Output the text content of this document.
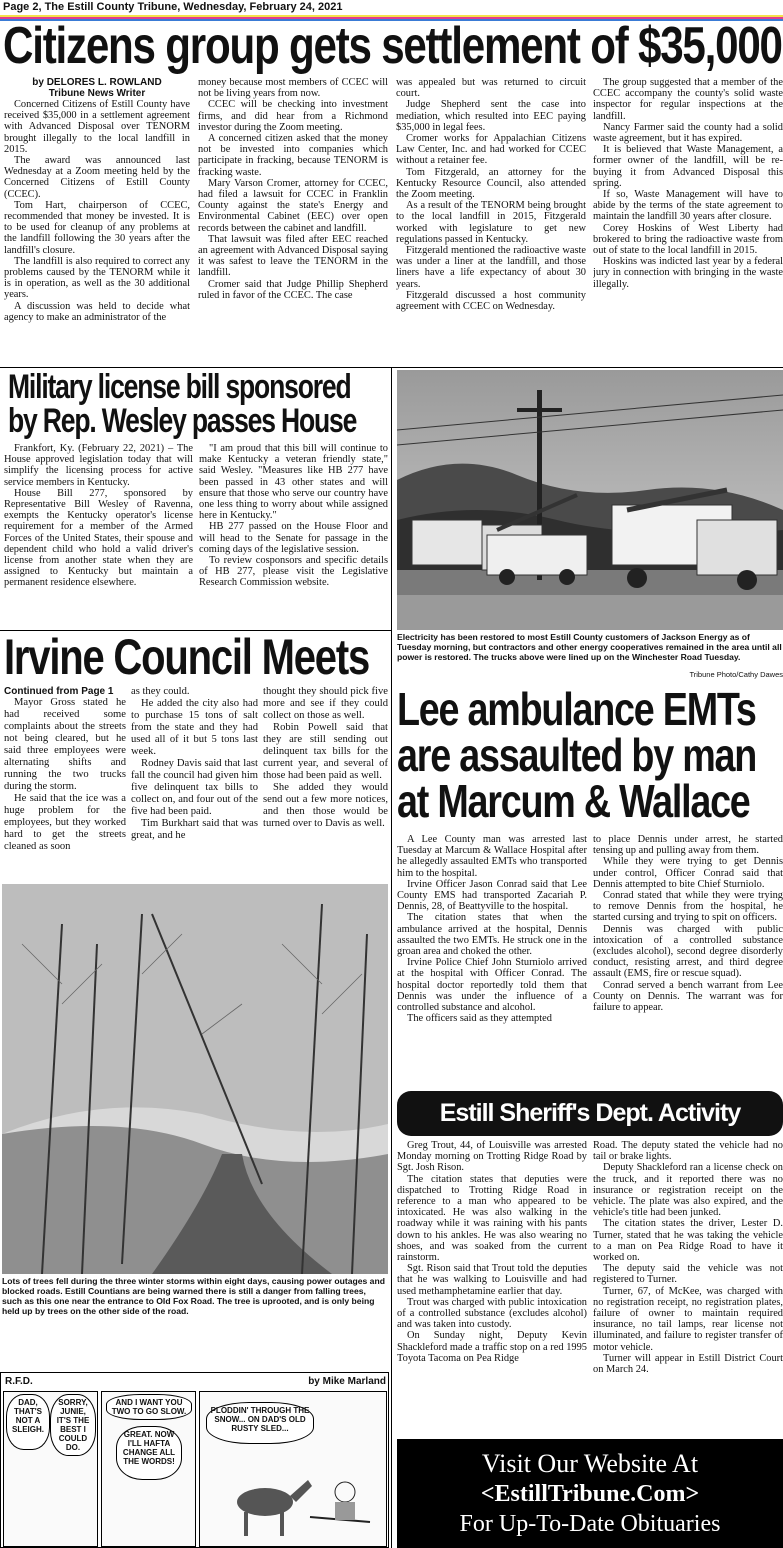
Page 2, The Estill County Tribune, Wednesday, February 24, 2021
Citizens group gets settlement of $35,000

by DELORES L. ROWLAND

Tribune News Writer

Concerned Citizens of Estill County have received $35,000 in a settlement agreement with Advanced Disposal over TENORM brought illegally to the local landfill in 2015.

The award was announced last Wednesday at a Zoom meeting held by the Concerned Citizens of Estill County (CCEC).

Tom Hart, chairperson of CCEC, recommended that money be invested. It is to be used for cleanup of any problems at the landfill following the 30 years after the landfill's closure.

The landfill is also required to correct any problems caused by the TENORM while it is in operation, as well as the 30 additional years.

A discussion was held to decide what agency to make an administrator of the

money because most members of CCEC will not be living years from now.

CCEC will be checking into investment firms, and did hear from a Richmond investor during the Zoom meeting.

A concerned citizen asked that the money not be invested into companies which participate in fracking, because TENORM is fracking waste.

Mary Varson Cromer, attorney for CCEC, had filed a lawsuit for CCEC in Franklin County against the state's Energy and Environmental Cabinet (EEC) over open records between the cabinet and landfill.

That lawsuit was filed after EEC reached an agreement with Advanced Disposal saying it was safest to leave the TENORM in the landfill.

Cromer said that Judge Phillip Shepherd ruled in favor of the CCEC. The case

was appealed but was returned to circuit court.

Judge Shepherd sent the case into mediation, which resulted into EEC paying $35,000 in legal fees.

Cromer works for Appalachian Citizens Law Center, Inc. and had worked for CCEC without a retainer fee.

Tom Fitzgerald, an attorney for the Kentucky Resource Council, also attended the Zoom meeting.

As a result of the TENORM being brought to the local landfill in 2015, Fitzgerald worked with legislature to get new regulations passed in Kentucky.

Fitzgerald mentioned the radioactive waste was under a liner at the landfill, and those liners have a life expectancy of about 30 years.

Fitzgerald discussed a host community agreement with CCEC on Wednesday.

The group suggested that a member of the CCEC accompany the county's solid waste inspector for regular inspections at the landfill.

Nancy Farmer said the county had a solid waste agreement, but it has expired.

It is believed that Waste Management, a former owner of the landfill, will be re-buying it from Advanced Disposal this spring.

If so, Waste Management will have to abide by the terms of the state agreement to maintain the landfill 30 years after closure.

Corey Hoskins of West Liberty had brokered to bring the radioactive waste from out of state to the local landfill in 2015.

Hoskins was indicted last year by a federal jury in connection with bringing in the waste illegally.

Military license bill sponsored
by Rep. Wesley passes House

Frankfort, Ky. (February 22, 2021) – The House approved legislation today that will simplify the licensing process for active service members in Kentucky.

House Bill 277, sponsored by Representative Bill Wesley of Ravenna, exempts the Kentucky operator's license requirement for a member of the Armed Forces of the United States, their spouse and dependent child who hold a valid driver's license from another state when they are assigned to Kentucky but maintain a permanent residence elsewhere.

"I am proud that this bill will continue to make Kentucky a veteran friendly state," said Wesley. "Measures like HB 277 have been passed in 43 other states and will ensure that those who serve our country have one less thing to worry about while assigned here in Kentucky."

HB 277 passed on the House Floor and will head to the Senate for passage in the coming days of the legislative session.

To review cosponsors and specific details of HB 277, please visit the Legislative Research Commission website.

Electricity has been restored to most Estill County customers of Jackson Energy as of Tuesday morning, but contractors and other energy cooperatives remained in the area until all power is restored. The trucks above were lined up on the Winchester Road Tuesday.
Tribune Photo/Cathy Dawes
Irvine Council Meets

Continued from Page 1

Mayor Gross stated he had received some complaints about the streets not being cleared, but he said three employees were alternating shifts and running the two trucks during the storm.

He said that the ice was a huge problem for the employees, but they worked hard to get the streets cleaned as soon

as they could.

He added the city also had to purchase 15 tons of salt from the state and they had used all of it but 5 tons last week.

Rodney Davis said that last fall the council had given him five delinquent tax bills to collect on, and four out of the five had been paid.

Tim Burkhart said that was great, and he

thought they should pick five more and see if they could collect on those as well.

Robin Powell said that they are still sending out delinquent tax bills for the current year, and several of those had been paid as well.

She added they would send out a few more notices, and then those would be turned over to Davis as well.

Lots of trees fell during the three winter storms within eight days, causing power outages and blocked roads. Estill Countians are being warned there is still a danger from falling trees, such as this one near the entrance to Old Fox Road. The tree is uprooted, and is only being held up by trees on the other side of the road.
R.F.D.	by Mike Marland
DAD, THAT'S NOT A SLEIGH.
SORRY, JUNIE, IT'S THE BEST I COULD DO.
AND I WANT YOU TWO TO GO SLOW.
GREAT. NOW I'LL HAFTA CHANGE ALL THE WORDS!
PLODDIN' THROUGH THE SNOW... ON DAD'S OLD RUSTY SLED...
Lee ambulance EMTs
are assaulted by man
at Marcum & Wallace

A Lee County man was arrested last Tuesday at Marcum & Wallace Hospital after he allegedly assaulted EMTs who transported him to the hospital.

Irvine Officer Jason Conrad said that Lee County EMS had transported Zacariah P. Dennis, 28, of Beattyville to the hospital.

The citation states that when the ambulance arrived at the hospital, Dennis assaulted the two EMTs. He struck one in the groan area and choked the other.

Irvine Police Chief John Sturniolo arrived at the hospital with Officer Conrad. The hospital doctor reportedly told them that Dennis was under the influence of a controlled substance and alcohol.

The officers said as they attempted

to place Dennis under arrest, he started tensing up and pulling away from them.

While they were trying to get Dennis under control, Officer Conrad said that Dennis attempted to bite Chief Sturniolo.

Conrad stated that while they were trying to remove Dennis from the hospital, he started cursing and trying to spit on officers.

Dennis was charged with public intoxication of a controlled substance (excludes alcohol), second degree disorderly conduct, resisting arrest, and third degree assault (EMS, fire or rescue squad).

Conrad served a bench warrant from Lee County on Dennis. The warrant was for failure to appear.

Estill Sheriff's Dept. Activity

Greg Trout, 44, of Louisville was arrested Monday morning on Trotting Ridge Road by Sgt. Josh Rison.

The citation states that deputies were dispatched to Trotting Ridge Road in reference to a man who appeared to be intoxicated. He was also walking in the roadway while it was raining with his pants down to his ankles. He was also wearing no shoes, and was soaked from the current rainstorm.

Sgt. Rison said that Trout told the deputies that he was walking to Louisville and had used methamphetamine earlier that day.

Trout was charged with public intoxication of a controlled substance (excludes alcohol) and was taken into custody.

On Sunday night, Deputy Kevin Shackleford made a traffic stop on a red 1995 Toyota Tacoma on Pea Ridge

Road. The deputy stated the vehicle had no tail or brake lights.

Deputy Shackleford ran a license check on the truck, and it reported there was no insurance or registration receipt on the vehicle. The plate was also expired, and the vehicle's title had been junked.

The citation states the driver, Lester D. Turner, stated that he was taking the vehicle to a man on Pea Ridge Road to have it worked on.

The deputy said the vehicle was not registered to Turner.

Turner, 67, of McKee, was charged with no registration receipt, no registration plates, failure of owner to maintain required insurance, no tail lamps, rear license not illuminated, and failure to register transfer of motor vehicle.

Turner will appear in Estill District Court on March 24.

Visit Our Website At
<EstillTribune.Com>
For Up-To-Date Obituaries
